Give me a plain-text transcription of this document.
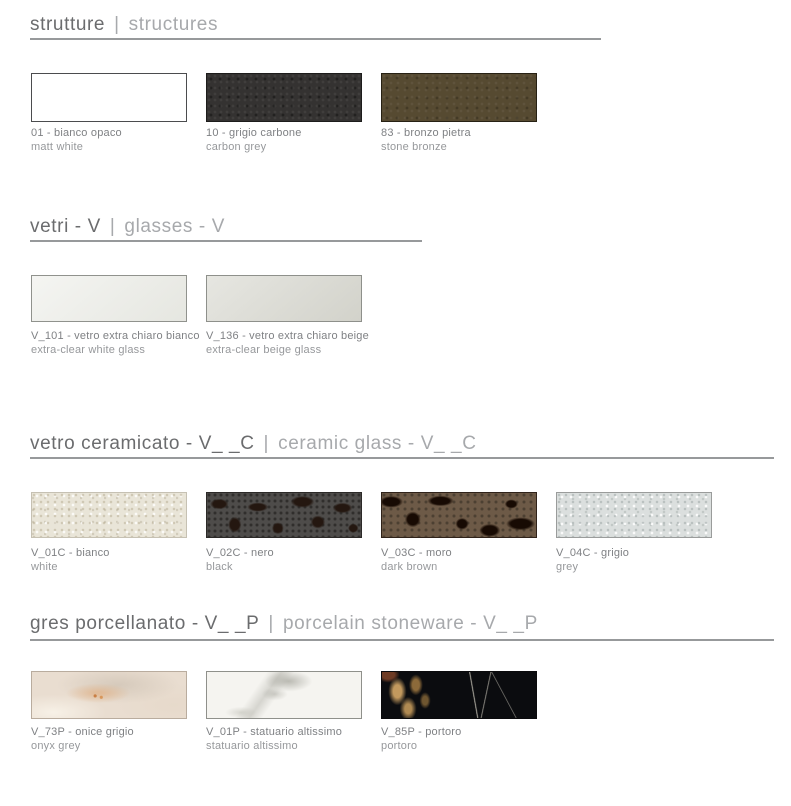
strutture | structures
01 - bianco opaco
matt white
10 - grigio carbone
carbon grey
83 - bronzo pietra
stone bronze
vetri - V | glasses - V
V_101 - vetro extra chiaro bianco
extra-clear white glass
V_136 - vetro extra chiaro beige
extra-clear beige glass
vetro ceramicato - V_ _C | ceramic glass - V_ _C
V_01C - bianco
white
V_02C - nero
black
V_03C - moro
dark brown
V_04C - grigio
grey
gres porcellanato - V_ _P | porcelain stoneware - V_ _P
V_73P - onice grigio
onyx grey
V_01P - statuario altissimo
statuario altissimo
V_85P - portoro
portoro
